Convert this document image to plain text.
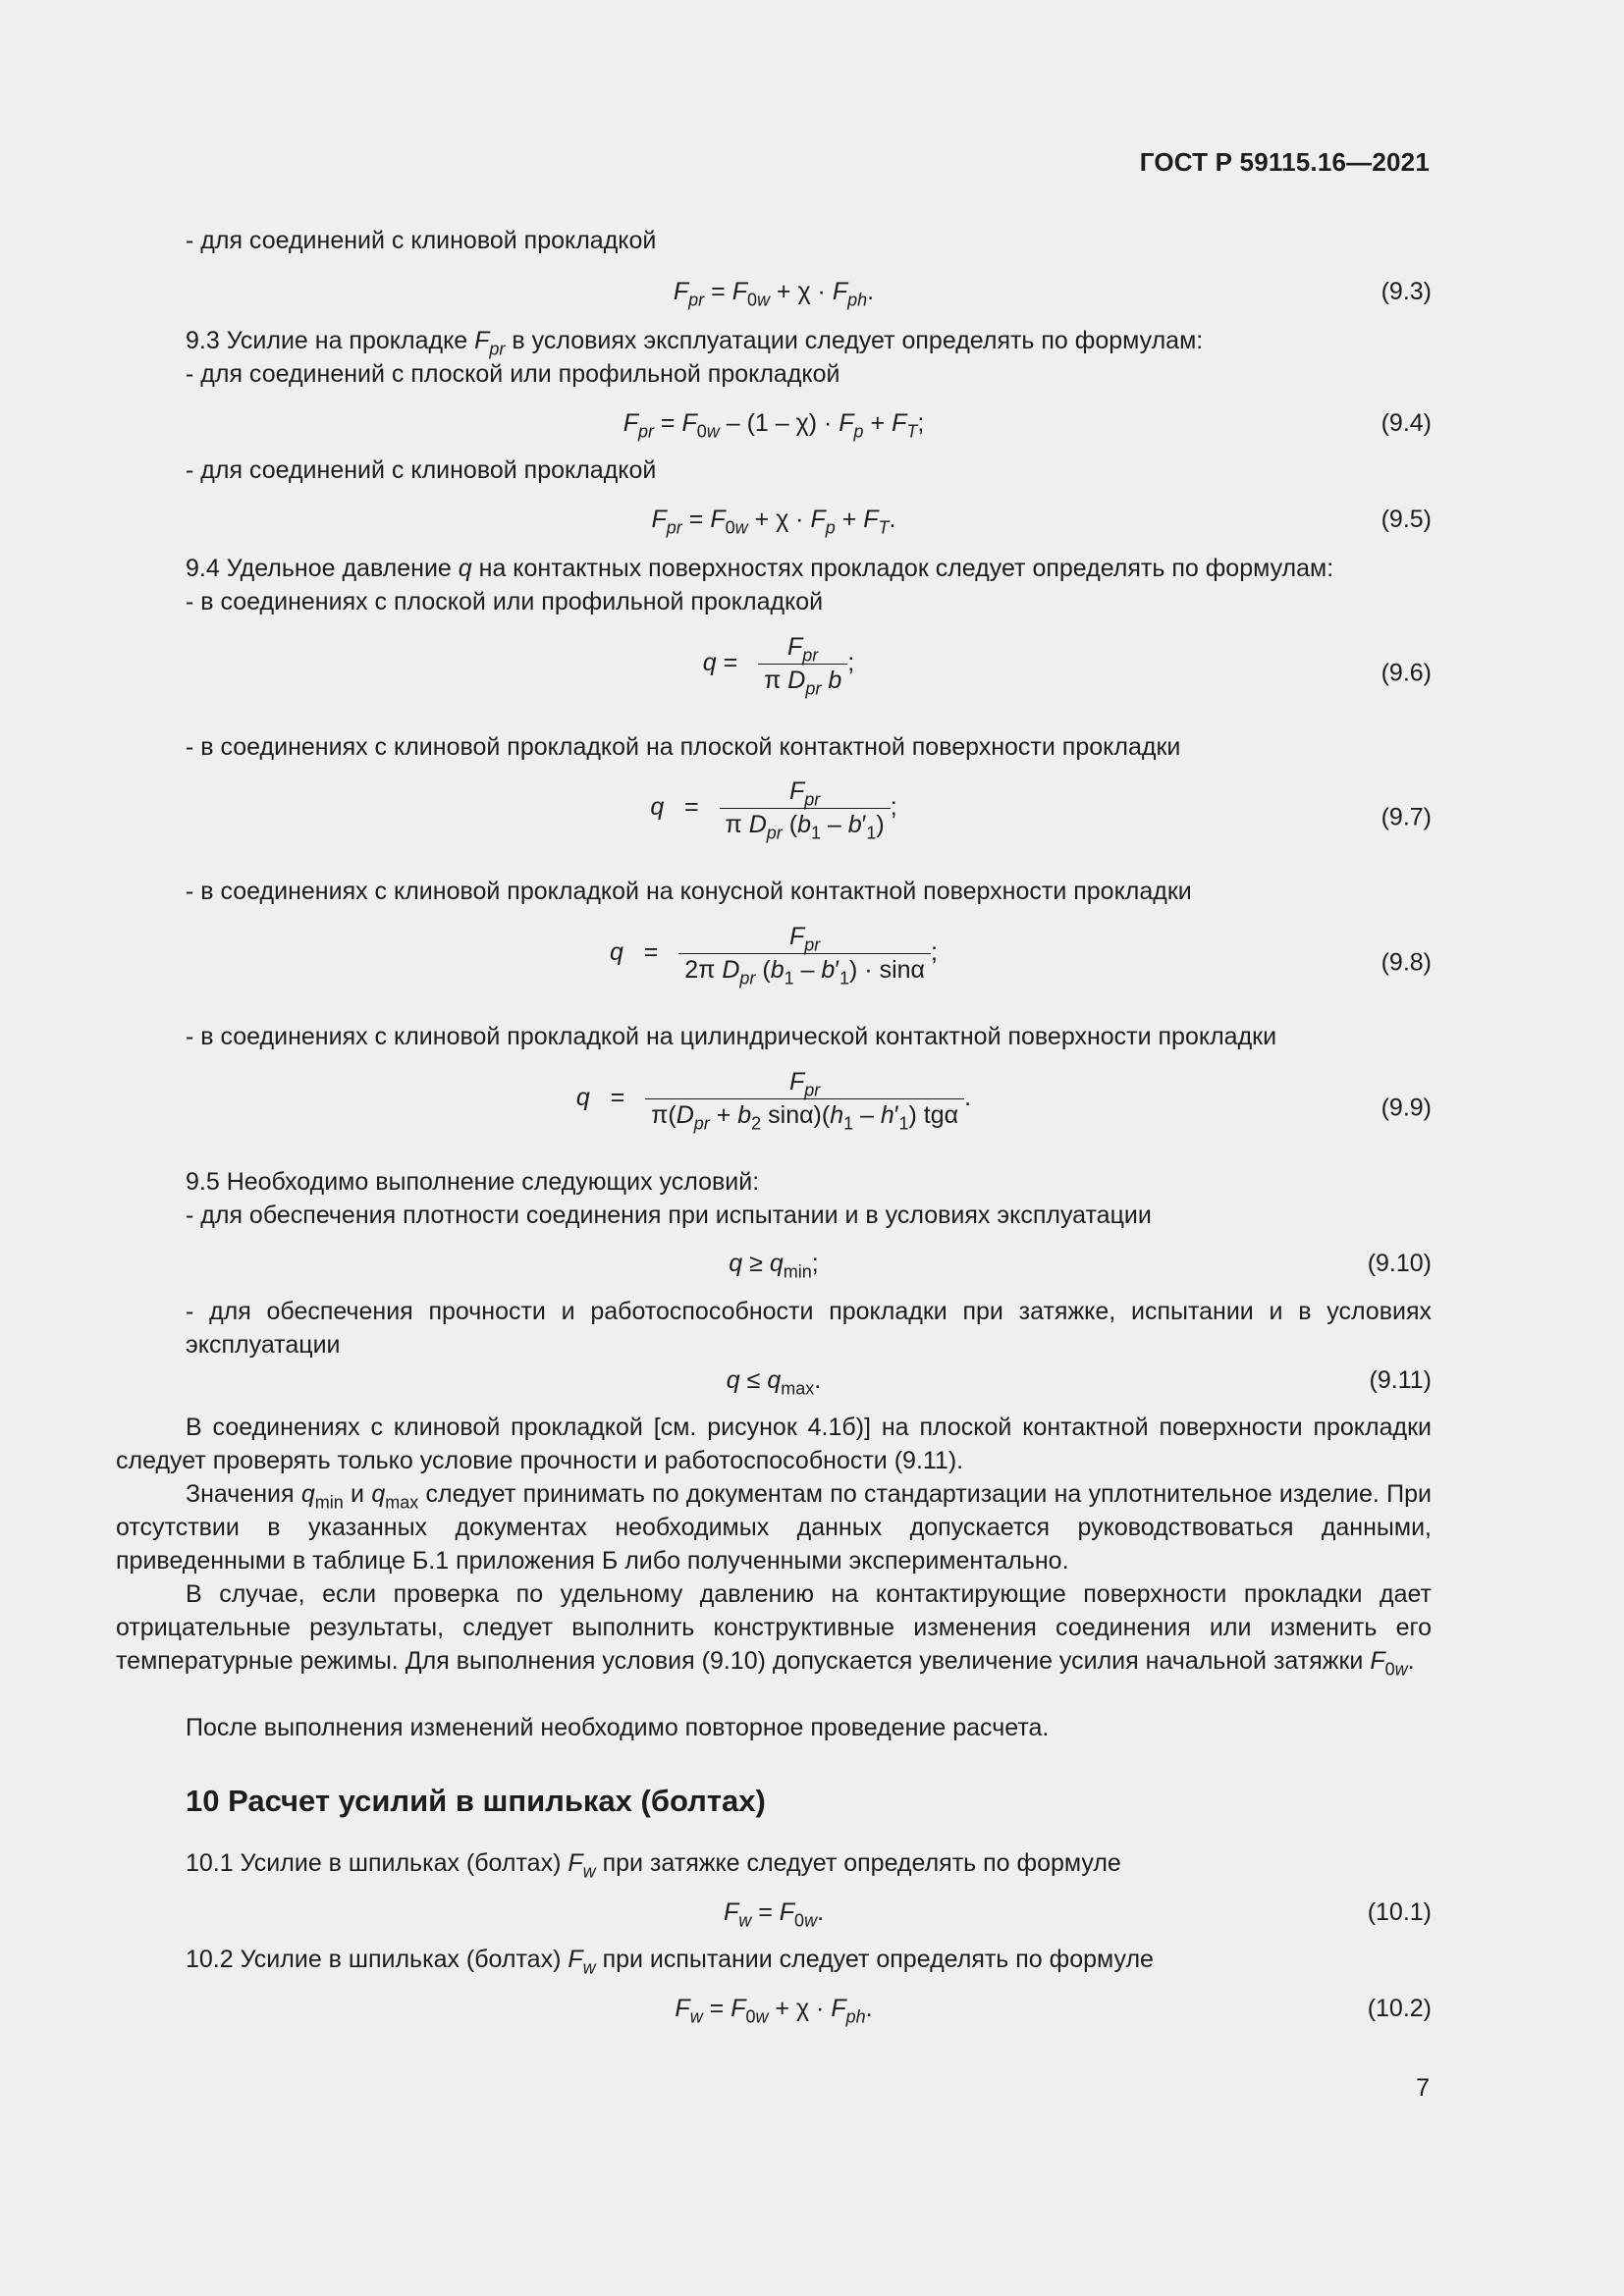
ГОСТ Р 59115.16—2021
- для соединений с клиновой прокладкой
$F_{pr} = F_{0w} + \chi \cdot F_{ph}$.	(9.3)
9.3 Усилие на прокладке $F_{pr}$ в условиях эксплуатации следует определять по формулам:
- для соединений с плоской или профильной прокладкой
$F_{pr} = F_{0w} - (1 - \chi) \cdot F_p + F_T$;	(9.4)
- для соединений с клиновой прокладкой
$F_{pr} = F_{0w} + \chi \cdot F_p + F_T$.	(9.5)
9.4 Удельное давление q на контактных поверхностях прокладок следует определять по формулам:
- в соединениях с плоской или профильной прокладкой
$q = \frac{F_{pr}}{\pi D_{pr} b}$ ;	(9.6)
- в соединениях с клиновой прокладкой на плоской контактной поверхности прокладки
$q = \frac{F_{pr}}{\pi D_{pr} (b_1 - b'_1)}$ ;	(9.7)
- в соединениях с клиновой прокладкой на конусной контактной поверхности прокладки
$q = \frac{F_{pr}}{2\pi D_{pr} (b_1 - b'_1) \cdot \sin\alpha}$ ;	(9.8)
- в соединениях с клиновой прокладкой на цилиндрической контактной поверхности прокладки
$q = \frac{F_{pr}}{\pi(D_{pr} + b_2 \sin\alpha)(h_1 - h'_1) tg\alpha}$ .	(9.9)
9.5 Необходимо выполнение следующих условий:
- для обеспечения плотности соединения при испытании и в условиях эксплуатации
$q \ge q_{min}$;	(9.10)
- для обеспечения прочности и работоспособности прокладки при затяжке, испытании и в условиях эксплуатации
$q \le q_{max}$.	(9.11)
В соединениях с клиновой прокладкой [см. рисунок 4.1б)] на плоской контактной поверхности прокладки следует проверять только условие прочности и работоспособности (9.11).
Значения $q_{min}$ и $q_{max}$ следует принимать по документам по стандартизации на уплотнительное изделие. При отсутствии в указанных документах необходимых данных допускается руководствоваться данными, приведенными в таблице Б.1 приложения Б либо полученными экспериментально.
В случае, если проверка по удельному давлению на контактирующие поверхности прокладки дает отрицательные результаты, следует выполнить конструктивные изменения соединения или изменить его температурные режимы. Для выполнения условия (9.10) допускается увеличение усилия начальной затяжки $F_{0w}$.
После выполнения изменений необходимо повторное проведение расчета.
10 Расчет усилий в шпильках (болтах)
10.1 Усилие в шпильках (болтах) $F_w$ при затяжке следует определять по формуле
$F_w = F_{0w}$.	(10.1)
10.2 Усилие в шпильках (болтах) $F_w$ при испытании следует определять по формуле
$F_w = F_{0w} + \chi \cdot F_{ph}$.	(10.2)
7
